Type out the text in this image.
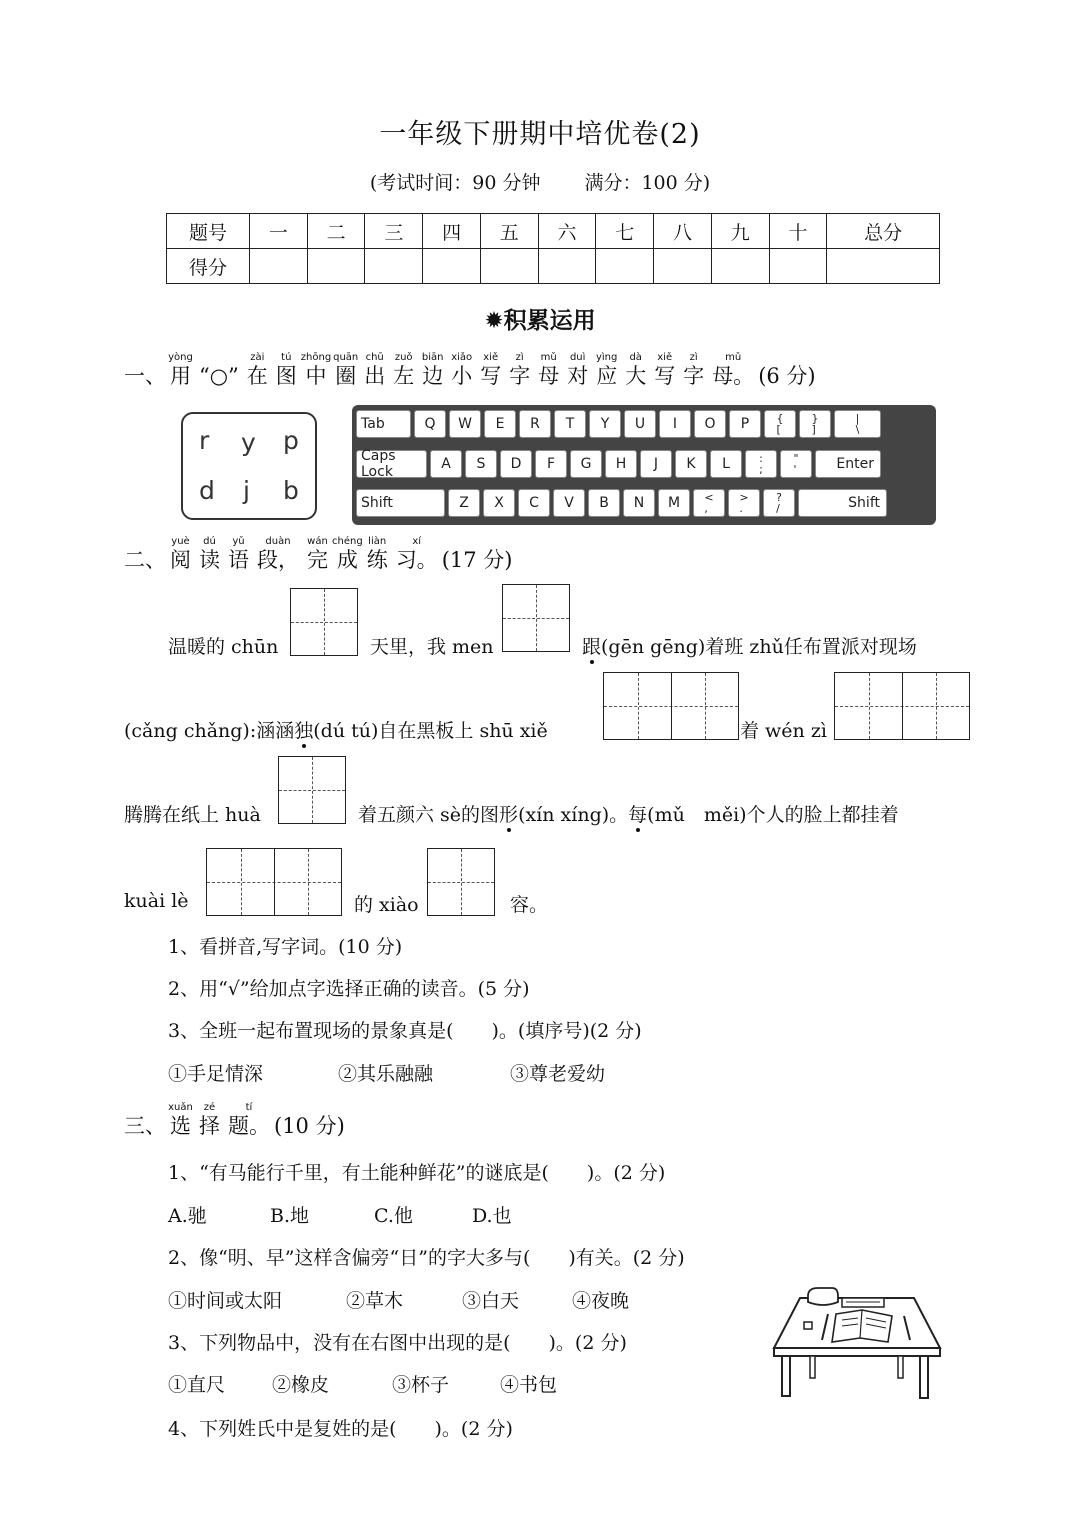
一年级下册期中培优卷(2)
(考试时间：90 分钟 满分：100 分)
题号	一	二	三	四	五	六	七	八	九	十	总分
得分											
✹积累运用
一、
yòng
用 “○”
zài
在
tú
图
zhōng
中
quān
圈
chū
出
zuǒ
左
biān
边
xiǎo
小
xiě
写
zì
字
mǔ
母
duì
对
yìng
应
dà
大
xiě
写
zì
字
mǔ
母。 (6 分)
r y p
d j b
Tab	Q	W	E	R	T	Y	U	I	O	P	{
[
}
]
|
\
Caps Lock	A	S	D	F	G	H	J	K	L	:
;
"
'	Enter
Shift	Z	X	C	V	B	N	M	<
,
>
.
?
/	Shift
二、
yuè
阅
dú
读
yǔ
语
duàn
段，
wán
完
chéng
成
liàn
练
xí
习。 (17 分)
温暖的 chūn	天里，我 men	跟(gēn gēng)着班 zhǔ任布置派对现场
(cǎng chǎng):涵涵独(dú tú)自在黑板上 shū xiě	着 wén zì
腾腾在纸上 huà	着五颜六 sè的图形(xín xíng)。每(mǔ　měi)个人的脸上都挂着
kuài lè	的 xiào	容。
1、看拼音,写字词。(10 分)
2、用“√”给加点字选择正确的读音。(5 分)
3、全班一起布置现场的景象真是(　　)。(填序号)(2 分)
①手足情深	②其乐融融	③尊老爱幼
三、
xuǎn
选
zé
择
tí
题。 (10 分)
1、“有马能行千里，有土能种鲜花”的谜底是(　　)。(2 分)
A.驰	B.地	C.他	D.也
2、像“明、早”这样含偏旁“日”的字大多与(　　)有关。(2 分)
①时间或太阳	②草木	③白天	④夜晚
3、下列物品中，没有在右图中出现的是(　　)。(2 分)
①直尺 ②橡皮	③杯子	④书包
4、下列姓氏中是复姓的是(　　)。(2 分)
